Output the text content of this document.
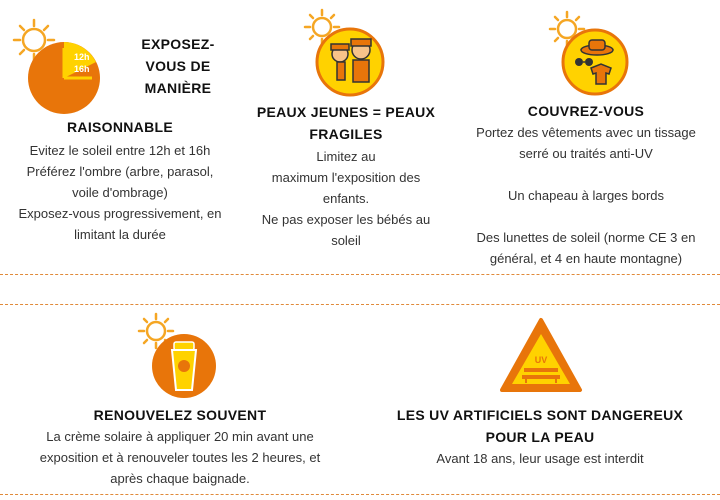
12h
16h
EXPOSEZ-
VOUS DE
MANIÈRE
RAISONNABLE
Evitez le soleil entre 12h et 16h
Préférez l'ombre (arbre, parasol,
voile d'ombrage)
Exposez-vous progressivement, en
limitant la durée
PEAUX JEUNES = PEAUX
FRAGILES
Limitez au
maximum l'exposition des
enfants.
Ne pas exposer les bébés au
soleil
COUVREZ-VOUS
Portez des vêtements avec un tissage
serré ou traités anti-UV
Un chapeau à larges bords
Des lunettes de soleil (norme CE 3 en
général, et 4 en haute montagne)
RENOUVELEZ SOUVENT
La crème solaire à appliquer 20 min avant une
exposition et à renouveler toutes les 2 heures, et
après chaque baignade.
UV
LES UV ARTIFICIELS SONT DANGEREUX
POUR LA PEAU
Avant 18 ans, leur usage est interdit
